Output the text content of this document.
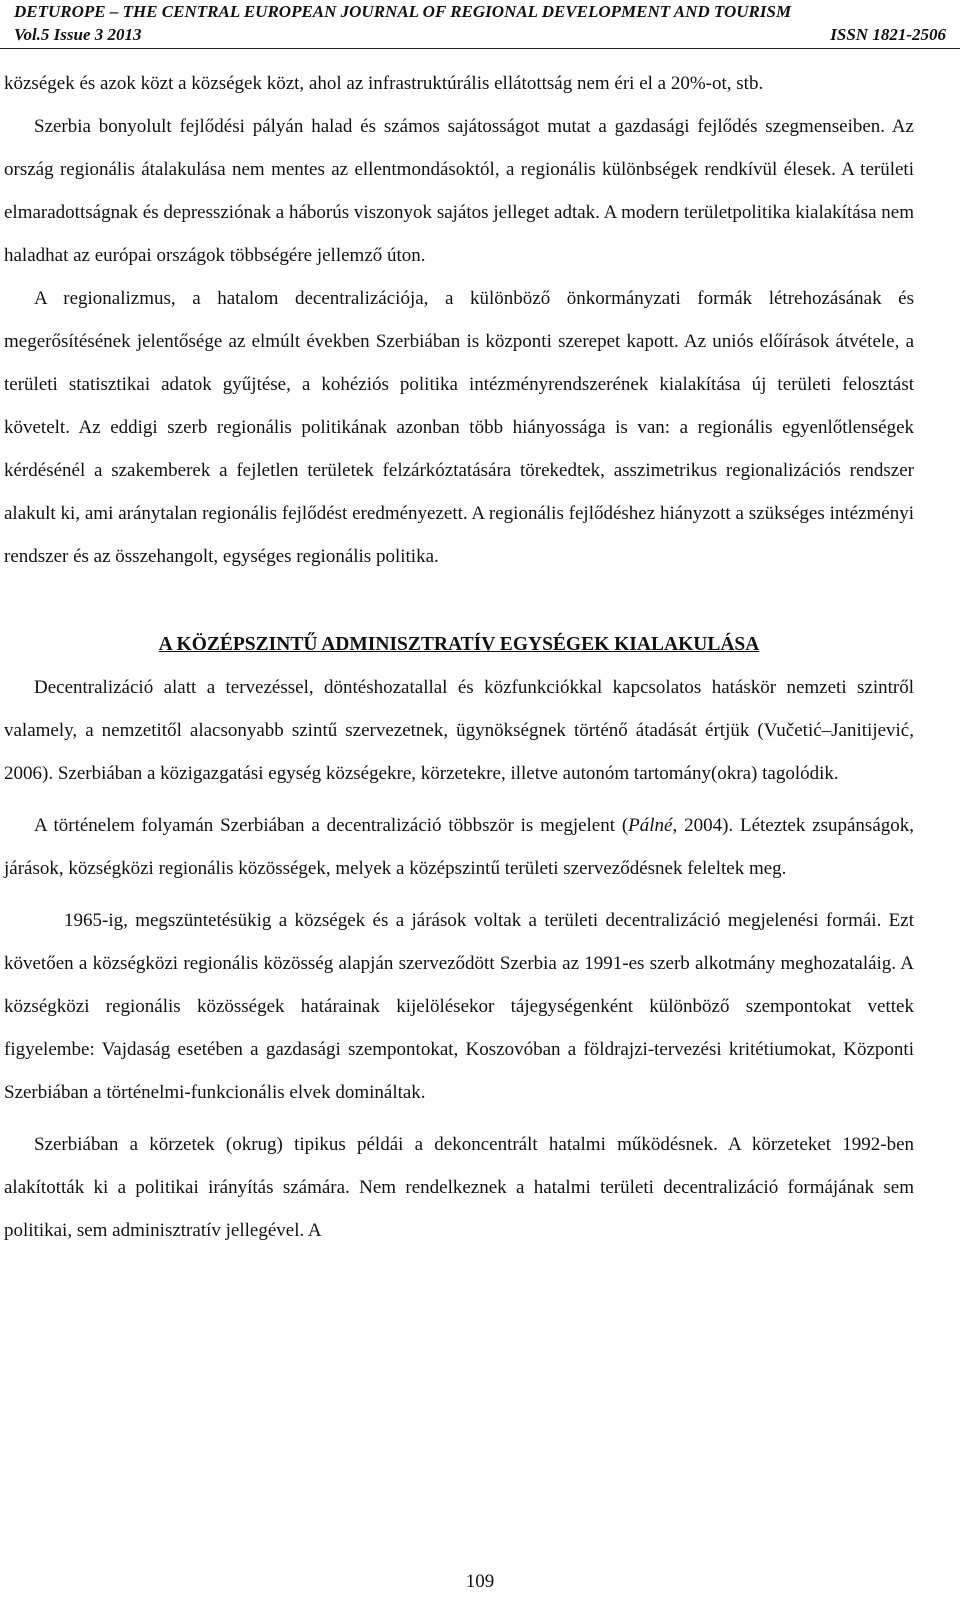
DETUROPE – THE CENTRAL EUROPEAN JOURNAL OF REGIONAL DEVELOPMENT AND TOURISM
Vol.5 Issue 3 2013	ISSN 1821-2506

községek és azok közt a községek közt, ahol az infrastruktúrális ellátottság nem éri el a 20%-ot, stb.

Szerbia bonyolult fejlődési pályán halad és számos sajátosságot mutat a gazdasági fejlődés szegmenseiben. Az ország regionális átalakulása nem mentes az ellentmondásoktól, a regionális különbségek rendkívül élesek. A területi elmaradottságnak és depressziónak a háborús viszonyok sajátos jelleget adtak. A modern területpolitika kialakítása nem haladhat az európai országok többségére jellemző úton.

A regionalizmus, a hatalom decentralizációja, a különböző önkormányzati formák létrehozásának és megerősítésének jelentősége az elmúlt években Szerbiában is központi szerepet kapott. Az uniós előírások átvétele, a területi statisztikai adatok gyűjtése, a kohéziós politika intézményrendszerének kialakítása új területi felosztást követelt. Az eddigi szerb regionális politikának azonban több hiányossága is van: a regionális egyenlőtlenségek kérdésénél a szakemberek a fejletlen területek felzárkóztatására törekedtek, asszimetrikus regionalizációs rendszer alakult ki, ami aránytalan regionális fejlődést eredményezett. A regionális fejlődéshez hiányzott a szükséges intézményi rendszer és az összehangolt, egységes regionális politika.

A KÖZÉPSZINTŰ ADMINISZTRATÍV EGYSÉGEK KIALAKULÁSA

Decentralizáció alatt a tervezéssel, döntéshozatallal és közfunkciókkal kapcsolatos hatáskör nemzeti szintről valamely, a nemzetitől alacsonyabb szintű szervezetnek, ügynökségnek történő átadását értjük (Vučetić–Janitijević, 2006). Szerbiában a közigazgatási egység községekre, körzetekre, illetve autonóm tartomány(okra) tagolódik.

A történelem folyamán Szerbiában a decentralizáció többször is megjelent (Pálné, 2004). Léteztek zsupánságok, járások, községközi regionális közösségek, melyek a középszintű területi szerveződésnek feleltek meg.

1965-ig, megszüntetésükig a községek és a járások voltak a területi decentralizáció megjelenési formái. Ezt követően a községközi regionális közösség alapján szerveződött Szerbia az 1991-es szerb alkotmány meghozataláig. A községközi regionális közösségek határainak kijelölésekor tájegységenként különböző szempontokat vettek figyelembe: Vajdaság esetében a gazdasági szempontokat, Koszovóban a földrajzi-tervezési kritétiumokat, Központi Szerbiában a történelmi-funkcionális elvek domináltak.

Szerbiában a körzetek (okrug) tipikus példái a dekoncentrált hatalmi működésnek. A körzeteket 1992-ben alakították ki a politikai irányítás számára. Nem rendelkeznek a hatalmi területi decentralizáció formájának sem politikai, sem adminisztratív jellegével. A

109
